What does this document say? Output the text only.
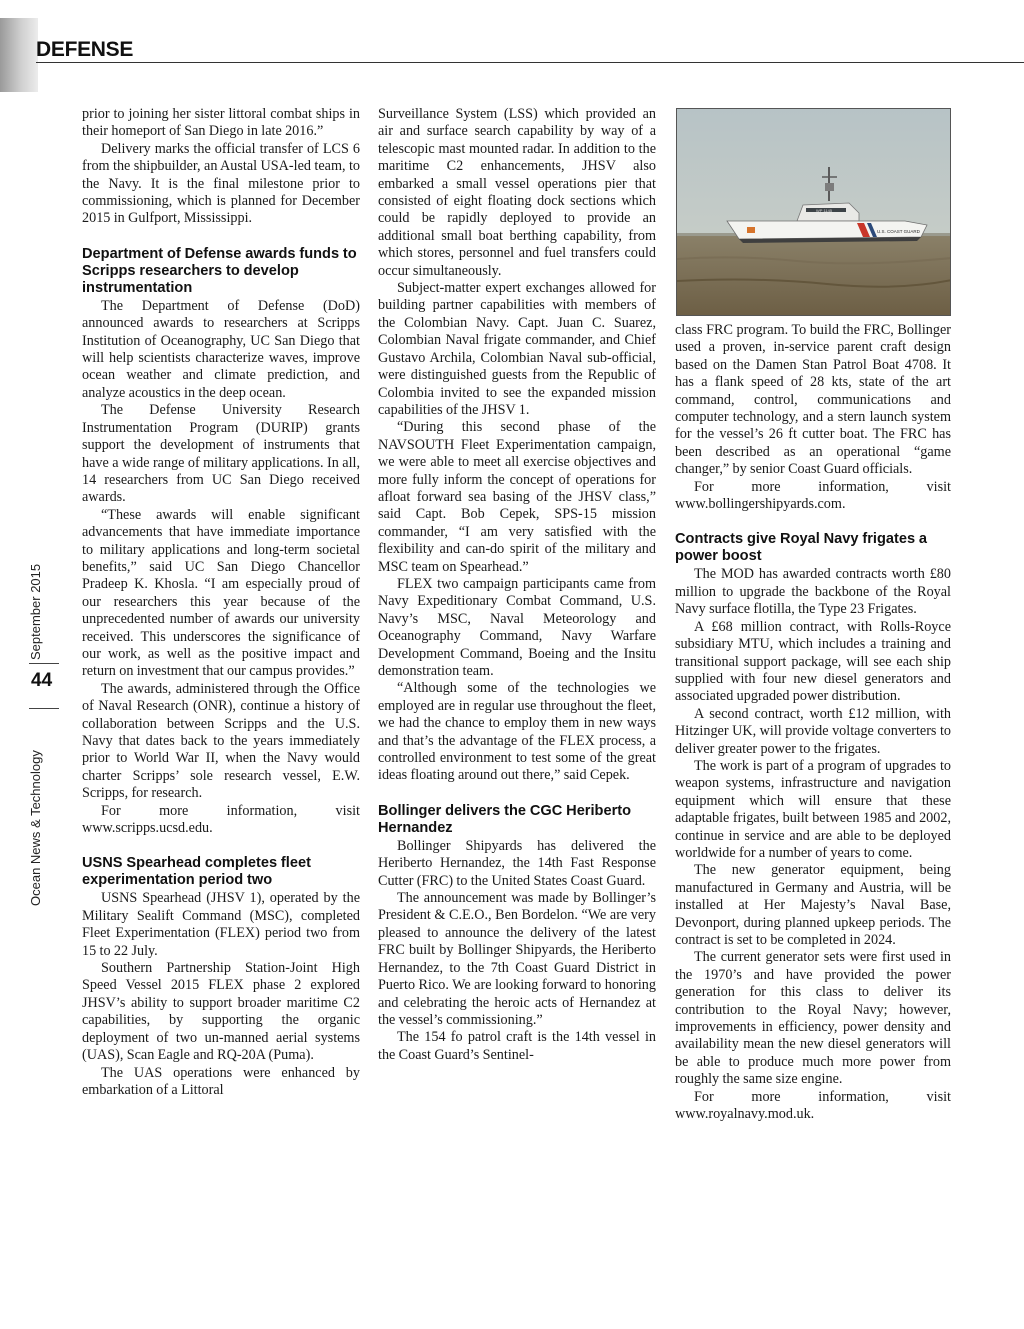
DEFENSE
September 2015
Ocean News & Technology
44

prior to joining her sister littoral combat ships in their homeport of San Diego in late 2016.”

Delivery marks the official transfer of LCS 6 from the shipbuilder, an Austal USA-led team, to the Navy. It is the final milestone prior to commissioning, which is planned for December 2015 in Gulfport, Mississippi.

Department of Defense awards funds to Scripps researchers to develop instrumentation

The Department of Defense (DoD) announced awards to researchers at Scripps Institution of Oceanography, UC San Diego that will help scientists characterize waves, improve ocean weather and climate prediction, and analyze acoustics in the deep ocean.

The Defense University Research Instrumentation Program (DURIP) grants support the development of instruments that have a wide range of military applications. In all, 14 researchers from UC San Diego received awards.

“These awards will enable significant advancements that have immediate importance to military applications and long-term societal benefits,” said UC San Diego Chancellor Pradeep K. Khosla. “I am especially proud of our researchers this year because of the unprecedented number of awards our university received. This underscores the significance of our work, as well as the positive impact and return on investment that our campus provides.”

The awards, administered through the Office of Naval Research (ONR), continue a history of collaboration between Scripps and the U.S. Navy that dates back to the years immediately prior to World War II, when the Navy would charter Scripps’ sole research vessel, E.W. Scripps, for research.

For more information, visit www.scripps.ucsd.edu.

USNS Spearhead completes fleet experimentation period two

USNS Spearhead (JHSV 1), operated by the Military Sealift Command (MSC), completed Fleet Experimentation (FLEX) period two from 15 to 22 July.

Southern Partnership Station-Joint High Speed Vessel 2015 FLEX phase 2 explored JHSV’s ability to support broader maritime C2 capabilities, by supporting the organic deployment of two un-manned aerial systems (UAS), Scan Eagle and RQ-20A (Puma).

The UAS operations were enhanced by embarkation of a Littoral

Surveillance System (LSS) which provided an air and surface search capability by way of a telescopic mast mounted radar. In addition to the maritime C2 enhancements, JHSV also embarked a small vessel operations pier that consisted of eight floating dock sections which could be rapidly deployed to provide an additional small boat berthing capability, from which stores, personnel and fuel transfers could occur simultaneously.

Subject-matter expert exchanges allowed for building partner capabilities with members of the Colombian Navy. Capt. Juan C. Suarez, Colombian Naval frigate commander, and Chief Gustavo Archila, Colombian Naval sub-official, were distinguished guests from the Republic of Colombia invited to see the expanded mission capabilities of the JHSV 1.

“During this second phase of the NAVSOUTH Fleet Experimentation campaign, we were able to meet all exercise objectives and more fully inform the concept of operations for afloat forward sea basing of the JHSV class,” said Capt. Bob Cepek, SPS-15 mission commander, “I am very satisfied with the flexibility and can-do spirit of the military and MSC team on Spearhead.”

FLEX two campaign participants came from Navy Expeditionary Combat Command, U.S. Navy’s MSC, Naval Meteorology and Oceanography Command, Navy Warfare Development Command, Boeing and the Insitu demonstration team.

“Although some of the technologies we employed are in regular use throughout the fleet, we had the chance to employ them in new ways and that’s the advantage of the FLEX process, a controlled environment to test some of the great ideas floating around out there,” said Cepek.

Bollinger delivers the CGC Heriberto Hernandez

Bollinger Shipyards has delivered the Heriberto Hernandez, the 14th Fast Response Cutter (FRC) to the United States Coast Guard.

The announcement was made by Bollinger’s President & C.E.O., Ben Bordelon. “We are very pleased to announce the delivery of the latest FRC built by Bollinger Shipyards, the Heriberto Hernandez, to the 7th Coast Guard District in Puerto Rico. We are looking forward to honoring and celebrating the heroic acts of Hernandez at the vessel’s commissioning.”

The 154 fo patrol craft is the 14th vessel in the Coast Guard’s Sentinel-

U.S. COAST GUARD
WP 1145

class FRC program. To build the FRC, Bollinger used a proven, in-service parent craft design based on the Damen Stan Patrol Boat 4708. It has a flank speed of 28 kts, state of the art command, control, communications and computer technology, and a stern launch system for the vessel’s 26 ft cutter boat. The FRC has been described as an operational “game changer,” by senior Coast Guard officials.

For more information, visit www.bollingershipyards.com.

Contracts give Royal Navy frigates a power boost

The MOD has awarded contracts worth £80 million to upgrade the backbone of the Royal Navy surface flotilla, the Type 23 Frigates.

A £68 million contract, with Rolls-Royce subsidiary MTU, which includes a training and transitional support package, will see each ship supplied with four new diesel generators and associated upgraded power distribution.

A second contract, worth £12 million, with Hitzinger UK, will provide voltage converters to deliver greater power to the frigates.

The work is part of a program of upgrades to weapon systems, infrastructure and navigation equipment which will ensure that these adaptable frigates, built between 1985 and 2002, continue in service and are able to be deployed worldwide for a number of years to come.

The new generator equipment, being manufactured in Germany and Austria, will be installed at Her Majesty’s Naval Base, Devonport, during planned upkeep periods. The contract is set to be completed in 2024.

The current generator sets were first used in the 1970’s and have provided the power generation for this class to deliver its contribution to the Royal Navy; however, improvements in efficiency, power density and availability mean the new diesel generators will be able to produce much more power from roughly the same size engine.

For more information, visit www.royalnavy.mod.uk.
